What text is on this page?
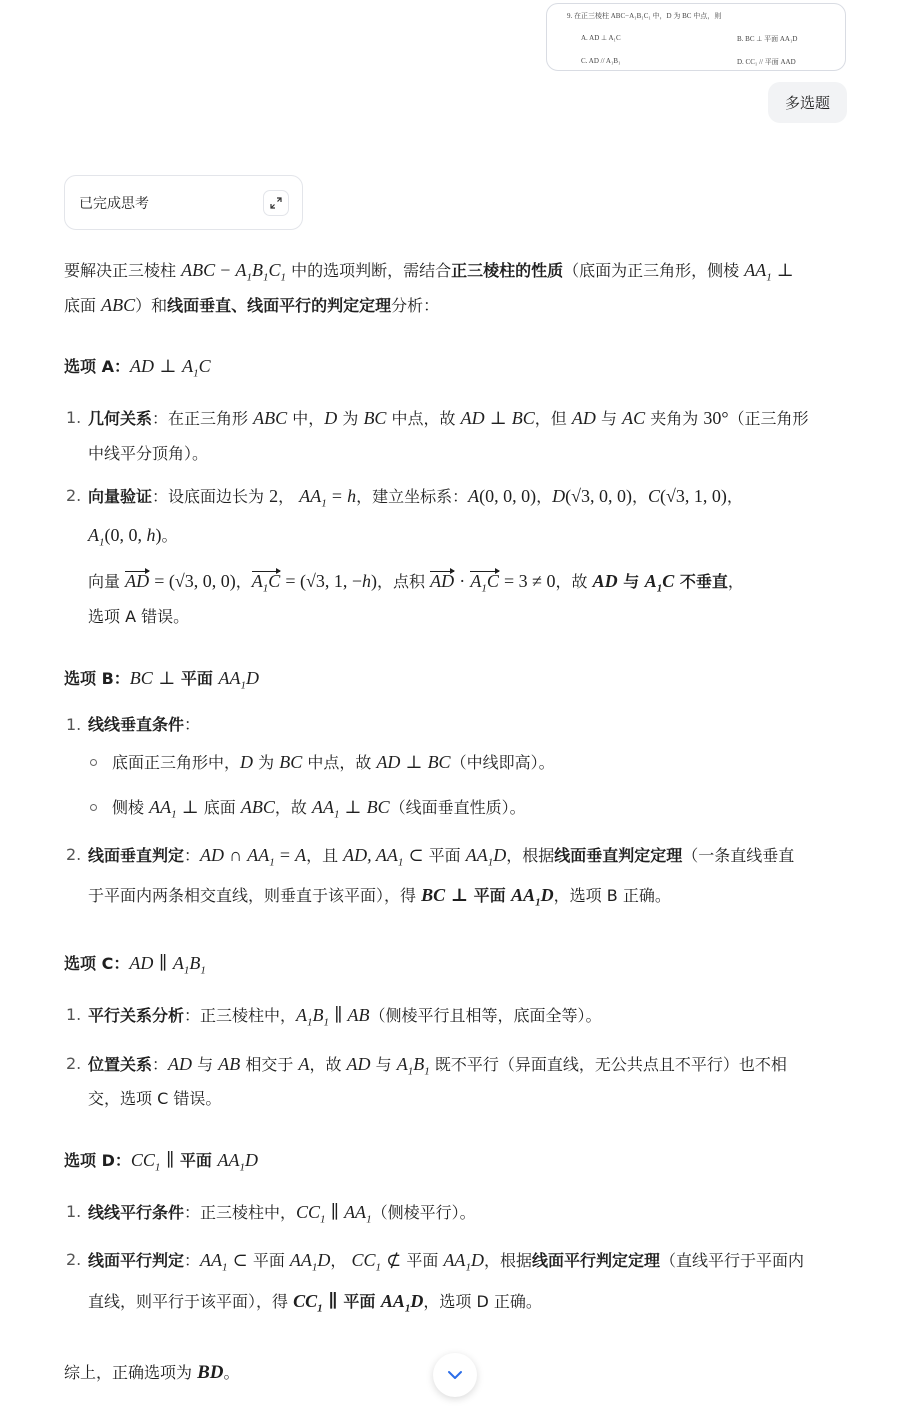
9. 在正三棱柱 ABC−A₁B₁C₁ 中，D 为 BC 中点，则
A. AD ⊥ A₁C	B. BC ⊥ 平面 AA₁D
C. AD // A₁B₁	D. CC₁ // 平面 AAD
多选题
已完成思考
要解决正三棱柱 ABC − $A_1B_1C_1$ 中的选项判断，需结合正三棱柱的性质（底面为正三角形，侧棱 $AA_1$ ⊥
底面 ABC）和线面垂直、线面平行的判定定理分析：
选项 A：AD ⊥ $A_1C$
1. 几何关系：在正三角形 ABC 中，D 为 BC 中点，故 AD ⊥ BC，但 AD 与 AC 夹角为 30°（正三角形
中线平分顶角）。
2. 向量验证：设底面边长为 2， $AA_1 = h$，建立坐标系：A(0, 0, 0)，D(√3, 0, 0)，C(√3, 1, 0)，
$A_1(0$, 0, h)。
向量 AD = (√3, 0, 0)，$A_1C = (√3$, 1, −h)，点积 AD · $A_1C = 3 \ne 0$，故 AD 与 $A_1C$ 不垂直，
选项 A 错误。
选项 B：BC ⊥ 平面 $AA_1D$
1. 线线垂直条件：
底面正三角形中，D 为 BC 中点，故 AD ⊥ BC（中线即高）。
侧棱 $AA_1$ ⊥ 底面 ABC，故 $AA_1$ ⊥ BC（线面垂直性质）。
2. 线面垂直判定：AD ∩ $AA_1 = A$，且 AD, $AA_1$ ⊂ 平面 $AA_1D$，根据线面垂直判定定理（一条直线垂直
于平面内两条相交直线，则垂直于该平面），得 BC ⊥ 平面 $AA_1D$，选项 B 正确。
选项 C：AD ∥ $A_1B_1$
1. 平行关系分析：正三棱柱中，$A_1B_1$ ∥ AB（侧棱平行且相等，底面全等）。
2. 位置关系：AD 与 AB 相交于 A，故 AD 与 $A_1B_1$ 既不平行（异面直线，无公共点且不平行）也不相
交，选项 C 错误。
选项 D：$CC_1$ ∥ 平面 $AA_1D$
1. 线线平行条件：正三棱柱中，$CC_1$ ∥ $AA_1$（侧棱平行）。
2. 线面平行判定：$AA_1$ ⊂ 平面 $AA_1D$， $CC_1$ ⊄ 平面 $AA_1D$，根据线面平行判定定理（直线平行于平面内
直线，则平行于该平面），得 $CC_1$ ∥ 平面 $AA_1D$，选项 D 正确。
综上，正确选项为 BD。
